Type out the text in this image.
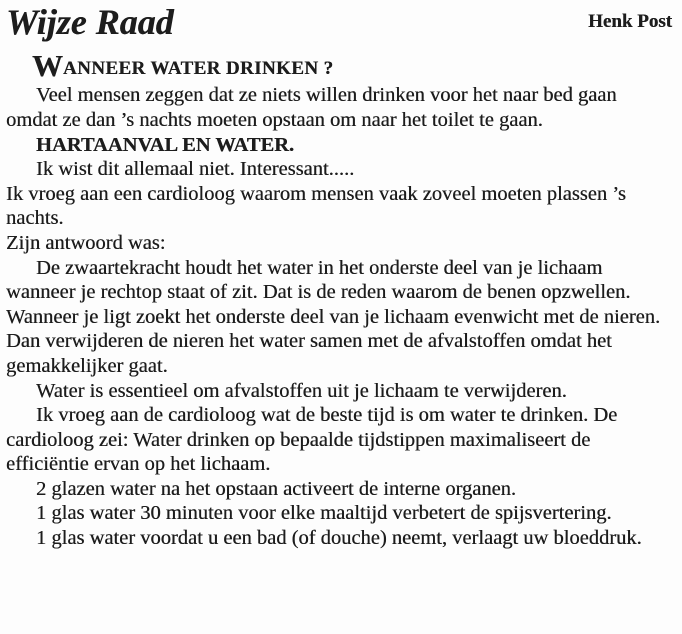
Wijze Raad	Henk Post
WANNEER WATER DRINKEN ?

Veel mensen zeggen dat ze niets willen drinken voor het naar bed gaan omdat ze dan ’s nachts moeten opstaan om naar het toilet te gaan.

HARTAANVAL EN WATER.

Ik wist dit allemaal niet. Interessant.....

Ik vroeg aan een cardioloog waarom mensen vaak zoveel moeten plassen ’s nachts.

Zijn antwoord was:

De zwaartekracht houdt het water in het onderste deel van je lichaam wanneer je rechtop staat of zit. Dat is de reden waarom de benen opzwellen. Wanneer je ligt zoekt het onderste deel van je lichaam evenwicht met de nieren. Dan verwijderen de nieren het water samen met de afvalstoffen omdat het gemakkelijker gaat.

Water is essentieel om afvalstoffen uit je lichaam te verwijderen.

Ik vroeg aan de cardioloog wat de beste tijd is om water te drinken. De cardioloog zei: Water drinken op bepaalde tijdstippen maximaliseert de efficiëntie ervan op het lichaam.

2 glazen water na het opstaan activeert de interne organen.

1 glas water 30 minuten voor elke maaltijd verbetert de spijsvertering.

1 glas water voordat u een bad (of douche) neemt, verlaagt uw bloeddruk.
